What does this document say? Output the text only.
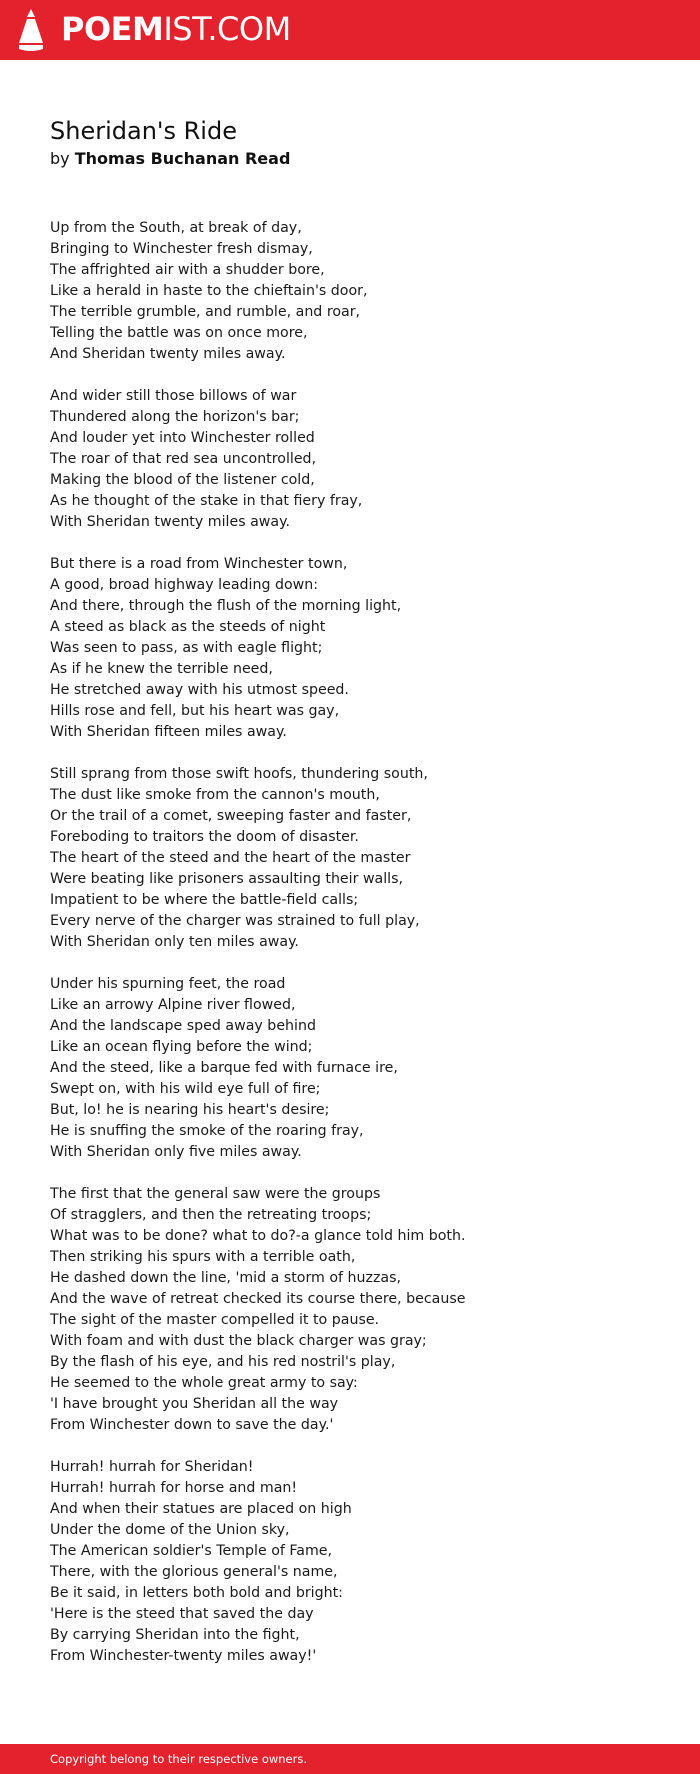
POEMIST.COM
Sheridan's Ride
by Thomas Buchanan Read
Up from the South, at break of day,
Bringing to Winchester fresh dismay,
The affrighted air with a shudder bore,
Like a herald in haste to the chieftain's door,
The terrible grumble, and rumble, and roar,
Telling the battle was on once more,
And Sheridan twenty miles away.
And wider still those billows of war
Thundered along the horizon's bar;
And louder yet into Winchester rolled
The roar of that red sea uncontrolled,
Making the blood of the listener cold,
As he thought of the stake in that fiery fray,
With Sheridan twenty miles away.
But there is a road from Winchester town,
A good, broad highway leading down:
And there, through the flush of the morning light,
A steed as black as the steeds of night
Was seen to pass, as with eagle flight;
As if he knew the terrible need,
He stretched away with his utmost speed.
Hills rose and fell, but his heart was gay,
With Sheridan fifteen miles away.
Still sprang from those swift hoofs, thundering south,
The dust like smoke from the cannon's mouth,
Or the trail of a comet, sweeping faster and faster,
Foreboding to traitors the doom of disaster.
The heart of the steed and the heart of the master
Were beating like prisoners assaulting their walls,
Impatient to be where the battle-field calls;
Every nerve of the charger was strained to full play,
With Sheridan only ten miles away.
Under his spurning feet, the road
Like an arrowy Alpine river flowed,
And the landscape sped away behind
Like an ocean flying before the wind;
And the steed, like a barque fed with furnace ire,
Swept on, with his wild eye full of fire;
But, lo! he is nearing his heart's desire;
He is snuffing the smoke of the roaring fray,
With Sheridan only five miles away.
The first that the general saw were the groups
Of stragglers, and then the retreating troops;
What was to be done? what to do?-a glance told him both.
Then striking his spurs with a terrible oath,
He dashed down the line, 'mid a storm of huzzas,
And the wave of retreat checked its course there, because
The sight of the master compelled it to pause.
With foam and with dust the black charger was gray;
By the flash of his eye, and his red nostril's play,
He seemed to the whole great army to say:
'I have brought you Sheridan all the way
From Winchester down to save the day.'
Hurrah! hurrah for Sheridan!
Hurrah! hurrah for horse and man!
And when their statues are placed on high
Under the dome of the Union sky,
The American soldier's Temple of Fame,
There, with the glorious general's name,
Be it said, in letters both bold and bright:
'Here is the steed that saved the day
By carrying Sheridan into the fight,
From Winchester-twenty miles away!'
Copyright belong to their respective owners.
